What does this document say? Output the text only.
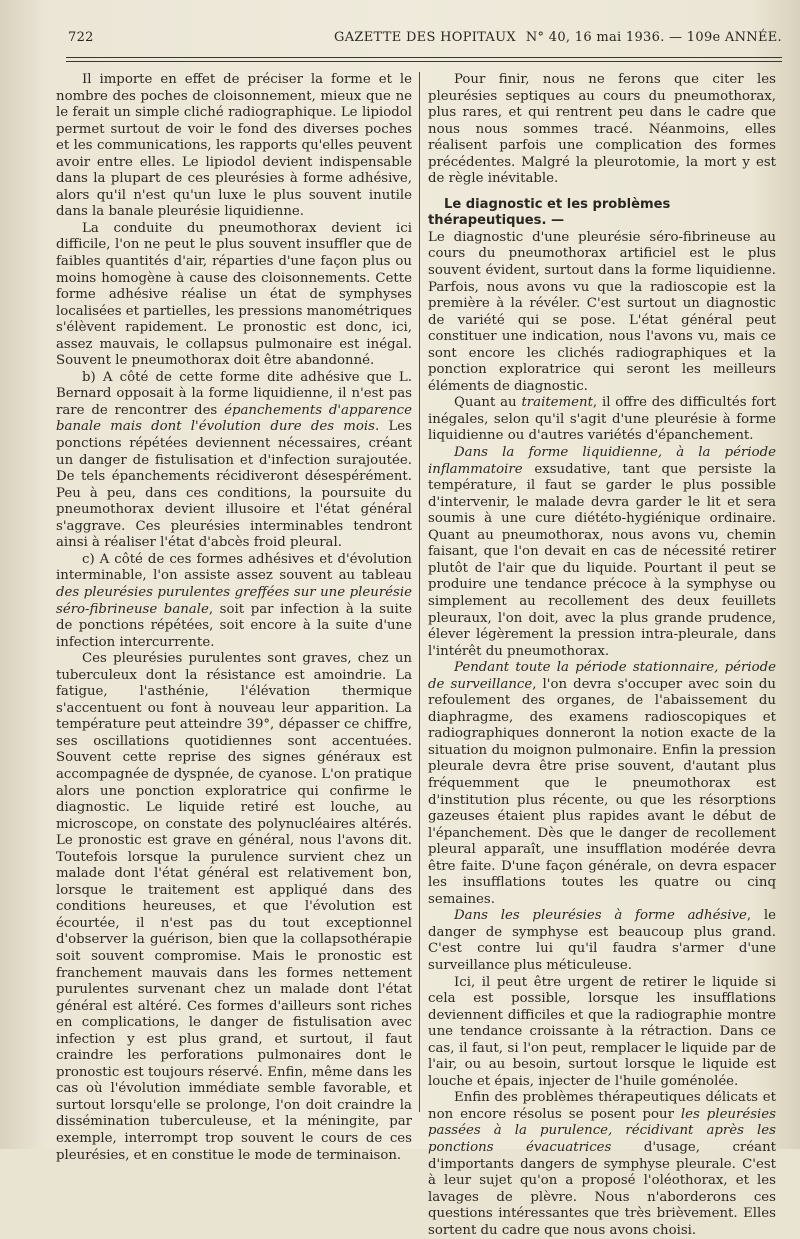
722	GAZETTE DES HOPITAUX N° 40, 16 mai 1936. — 109e ANNÉE.

Il importe en effet de préciser la forme et le nombre des poches de cloisonnement, mieux que ne le ferait un simple cliché radiographique. Le lipiodol permet surtout de voir le fond des diverses poches et les communications, les rapports qu'elles peuvent avoir entre elles. Le lipiodol devient indispensable dans la plupart de ces pleurésies à forme adhésive, alors qu'il n'est qu'un luxe le plus souvent inutile dans la banale pleurésie liquidienne.

La conduite du pneumothorax devient ici difficile, l'on ne peut le plus souvent insuffler que de faibles quantités d'air, réparties d'une façon plus ou moins homogène à cause des cloisonnements. Cette forme adhésive réalise un état de symphyses localisées et partielles, les pressions manométriques s'élèvent rapidement. Le pronostic est donc, ici, assez mauvais, le collapsus pulmonaire est inégal. Souvent le pneumothorax doit être abandonné.

b) A côté de cette forme dite adhésive que L. Bernard opposait à la forme liquidienne, il n'est pas rare de rencontrer des épanchements d'apparence banale mais dont l'évolution dure des mois. Les ponctions répétées deviennent nécessaires, créant un danger de fistulisation et d'infection surajoutée. De tels épanchements récidiveront désespérément. Peu à peu, dans ces conditions, la poursuite du pneumothorax devient illusoire et l'état général s'aggrave. Ces pleurésies interminables tendront ainsi à réaliser l'état d'abcès froid pleural.

c) A côté de ces formes adhésives et d'évolution interminable, l'on assiste assez souvent au tableau des pleurésies purulentes greffées sur une pleurésie séro-fibrineuse banale, soit par infection à la suite de ponctions répétées, soit encore à la suite d'une infection intercurrente.

Ces pleurésies purulentes sont graves, chez un tuberculeux dont la résistance est amoindrie. La fatigue, l'asthénie, l'élévation thermique s'accentuent ou font à nouveau leur apparition. La température peut atteindre 39°, dépasser ce chiffre, ses oscillations quotidiennes sont accentuées. Souvent cette reprise des signes généraux est accompagnée de dyspnée, de cyanose. L'on pratique alors une ponction exploratrice qui confirme le diagnostic. Le liquide retiré est louche, au microscope, on constate des polynucléaires altérés. Le pronostic est grave en général, nous l'avons dit. Toutefois lorsque la purulence survient chez un malade dont l'état général est relativement bon, lorsque le traitement est appliqué dans des conditions heureuses, et que l'évolution est écourtée, il n'est pas du tout exceptionnel d'observer la guérison, bien que la collapsothérapie soit souvent compromise. Mais le pronostic est franchement mauvais dans les formes nettement purulentes survenant chez un malade dont l'état général est altéré. Ces formes d'ailleurs sont riches en complications, le danger de fistulisation avec infection y est plus grand, et surtout, il faut craindre les perforations pulmonaires dont le pronostic est toujours réservé. Enfin, même dans les cas où l'évolution immédiate semble favorable, et surtout lorsqu'elle se prolonge, l'on doit craindre la dissémination tuberculeuse, et la méningite, par exemple, interrompt trop souvent le cours de ces pleurésies, et en constitue le mode de terminaison.

Pour finir, nous ne ferons que citer les pleurésies septiques au cours du pneumothorax, plus rares, et qui rentrent peu dans le cadre que nous nous sommes tracé. Néanmoins, elles réalisent parfois une complication des formes précédentes. Malgré la pleurotomie, la mort y est de règle inévitable.

Le diagnostic et les problèmes thérapeutiques. —

Le diagnostic d'une pleurésie séro-fibrineuse au cours du pneumothorax artificiel est le plus souvent évident, surtout dans la forme liquidienne. Parfois, nous avons vu que la radioscopie est la première à la révéler. C'est surtout un diagnostic de variété qui se pose. L'état général peut constituer une indication, nous l'avons vu, mais ce sont encore les clichés radiographiques et la ponction exploratrice qui seront les meilleurs éléments de diagnostic.

Quant au traitement, il offre des difficultés fort inégales, selon qu'il s'agit d'une pleurésie à forme liquidienne ou d'autres variétés d'épanchement.

Dans la forme liquidienne, à la période inflammatoire exsudative, tant que persiste la température, il faut se garder le plus possible d'intervenir, le malade devra garder le lit et sera soumis à une cure diététo-hygiénique ordinaire. Quant au pneumothorax, nous avons vu, chemin faisant, que l'on devait en cas de nécessité retirer plutôt de l'air que du liquide. Pourtant il peut se produire une tendance précoce à la symphyse ou simplement au recollement des deux feuillets pleuraux, l'on doit, avec la plus grande prudence, élever légèrement la pression intra-pleurale, dans l'intérêt du pneumothorax.

Pendant toute la période stationnaire, période de surveillance, l'on devra s'occuper avec soin du refoulement des organes, de l'abaissement du diaphragme, des examens radioscopiques et radiographiques donneront la notion exacte de la situation du moignon pulmonaire. Enfin la pression pleurale devra être prise souvent, d'autant plus fréquemment que le pneumothorax est d'institution plus récente, ou que les résorptions gazeuses étaient plus rapides avant le début de l'épanchement. Dès que le danger de recollement pleural apparaît, une insufflation modérée devra être faite. D'une façon générale, on devra espacer les insufflations toutes les quatre ou cinq semaines.

Dans les pleurésies à forme adhésive, le danger de symphyse est beaucoup plus grand. C'est contre lui qu'il faudra s'armer d'une surveillance plus méticuleuse.

Ici, il peut être urgent de retirer le liquide si cela est possible, lorsque les insufflations deviennent difficiles et que la radiographie montre une tendance croissante à la rétraction. Dans ce cas, il faut, si l'on peut, remplacer le liquide par de l'air, ou au besoin, surtout lorsque le liquide est louche et épais, injecter de l'huile goménolée.

Enfin des problèmes thérapeutiques délicats et non encore résolus se posent pour les pleurésies passées à la purulence, récidivant après les ponctions évacuatrices d'usage, créant d'importants dangers de symphyse pleurale. C'est à leur sujet qu'on a proposé l'oléothorax, et les lavages de plèvre. Nous n'aborderons ces questions intéressantes que très brièvement. Elles sortent du cadre que nous avons choisi.
